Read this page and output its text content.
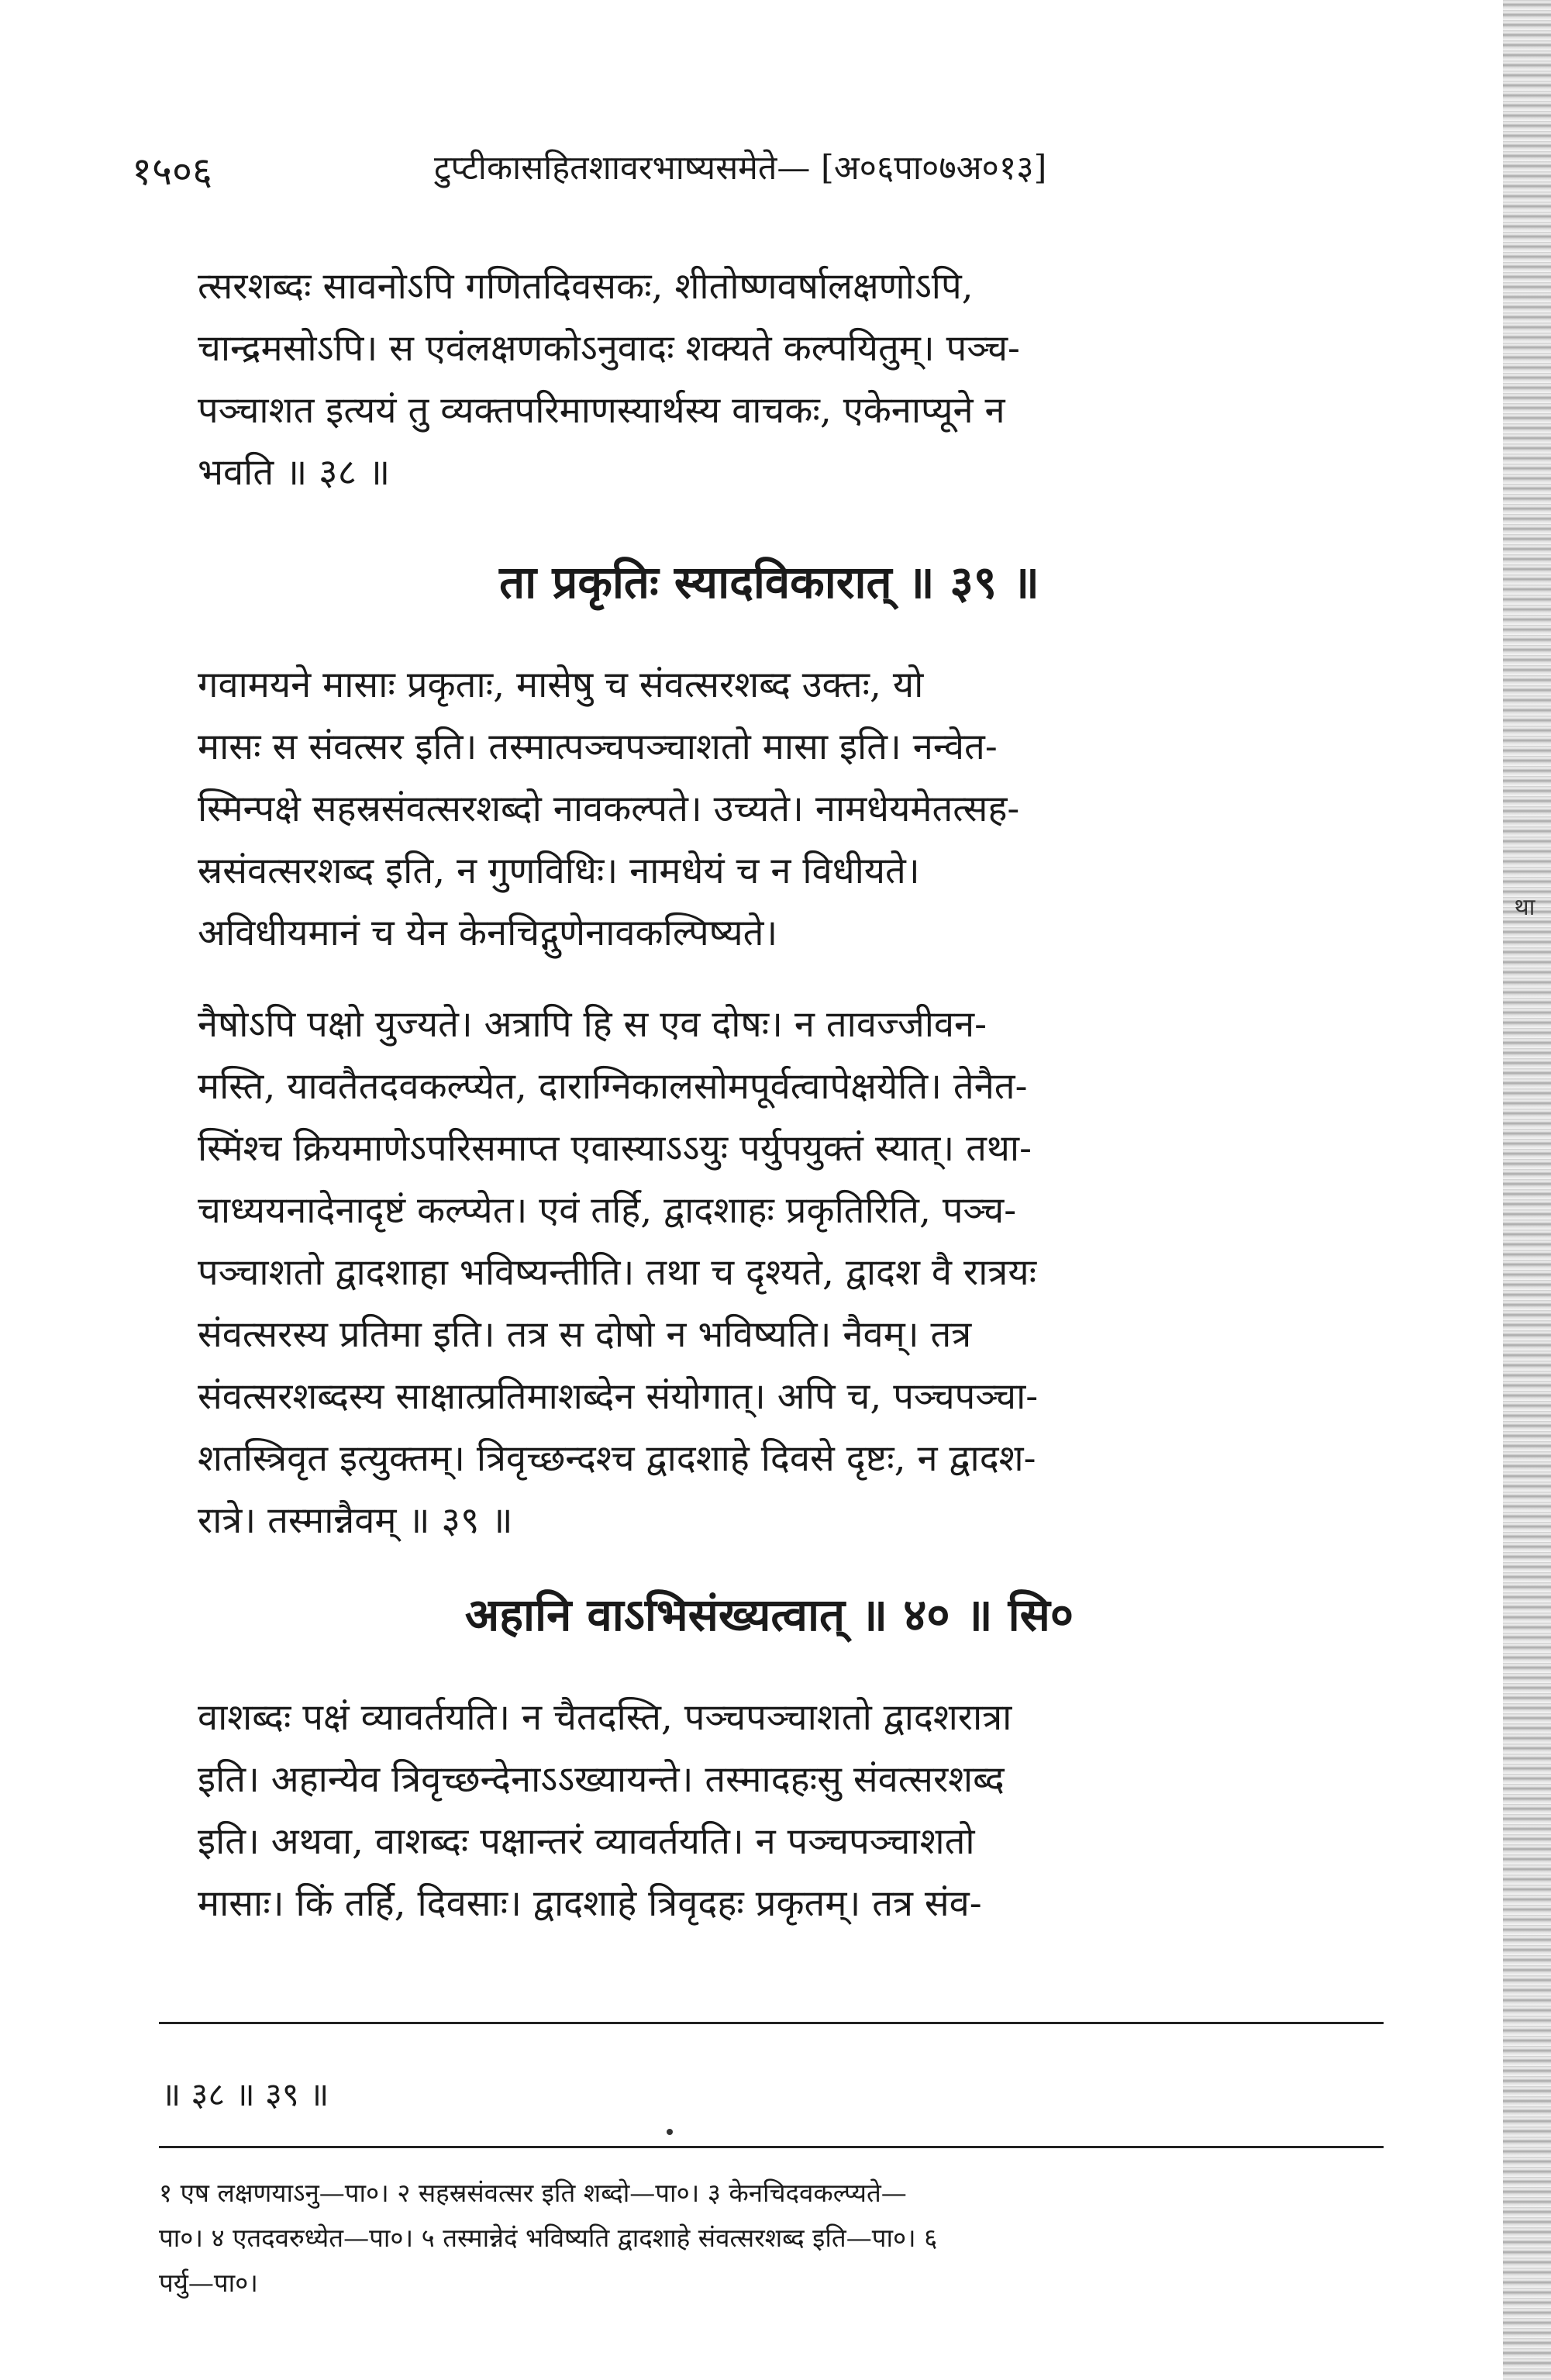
था
१५०६	टुप्टीकासहितशावरभाष्यसमेते— [अ०६पा०७अ०१३]

त्सरशब्दः सावनोऽपि गणितदिवसकः, शीतोष्णवर्षालक्षणोऽपि,
चान्द्रमसोऽपि। स एवंलक्षणकोऽनुवादः शक्यते कल्पयितुम्। पञ्च-
पञ्चाशत इत्ययं तु व्यक्तपरिमाणस्यार्थस्य वाचकः, एकेनाप्यूने न
भवति ॥ ३८ ॥

ता प्रकृतिः स्यादविकारात् ॥ ३९ ॥

गवामयने मासाः प्रकृताः, मासेषु च संवत्सरशब्द उक्तः, यो
मासः स संवत्सर इति। तस्मात्पञ्चपञ्चाशतो मासा इति। नन्वेत-
स्मिन्पक्षे सहस्रसंवत्सरशब्दो नावकल्पते। उच्यते। नामधेयमेतत्सह-
स्रसंवत्सरशब्द इति, न गुणविधिः। नामधेयं च न विधीयते।
अविधीयमानं च येन केनचिद्गुणेनावकल्पिष्यते।

नैषोऽपि पक्षो युज्यते। अत्रापि हि स एव दोषः। न तावज्जीवन-
मस्ति, यावतैतदवकल्प्येत, दाराग्निकालसोमपूर्वत्वापेक्षयेति। तेनैत-
स्मिंश्च क्रियमाणेऽपरिसमाप्त एवास्याऽऽयुः पर्युपयुक्तं स्यात्। तथा-
चाध्ययनादेनादृष्टं कल्प्येत। एवं तर्हि, द्वादशाहः प्रकृतिरिति, पञ्च-
पञ्चाशतो द्वादशाहा भविष्यन्तीति। तथा च दृश्यते, द्वादश वै रात्रयः
संवत्सरस्य प्रतिमा इति। तत्र स दोषो न भविष्यति। नैवम्। तत्र
संवत्सरशब्दस्य साक्षात्प्रतिमाशब्देन संयोगात्। अपि च, पञ्चपञ्चा-
शतस्त्रिवृत इत्युक्तम्। त्रिवृच्छन्दश्च द्वादशाहे दिवसे दृष्टः, न द्वादश-
रात्रे। तस्मान्नैवम् ॥ ३९ ॥

अहानि वाऽभिसंख्यत्वात् ॥ ४० ॥ सि०

वाशब्दः पक्षं व्यावर्तयति। न चैतदस्ति, पञ्चपञ्चाशतो द्वादशरात्रा
इति। अहान्येव त्रिवृच्छन्देनाऽऽख्यायन्ते। तस्मादहःसु संवत्सरशब्द
इति। अथवा, वाशब्दः पक्षान्तरं व्यावर्तयति। न पञ्चपञ्चाशतो
मासाः। किं तर्हि, दिवसाः। द्वादशाहे त्रिवृदहः प्रकृतम्। तत्र संव-

॥ ३८ ॥ ३९ ॥
१ एष लक्षणयाऽनु—पा०। २ सहस्रसंवत्सर इति शब्दो—पा०। ३ केनचिदवकल्प्यते—
पा०। ४ एतदवरुध्येत—पा०। ५ तस्मान्नेदं भविष्यति द्वादशाहे संवत्सरशब्द इति—पा०। ६
पर्यु—पा०।
